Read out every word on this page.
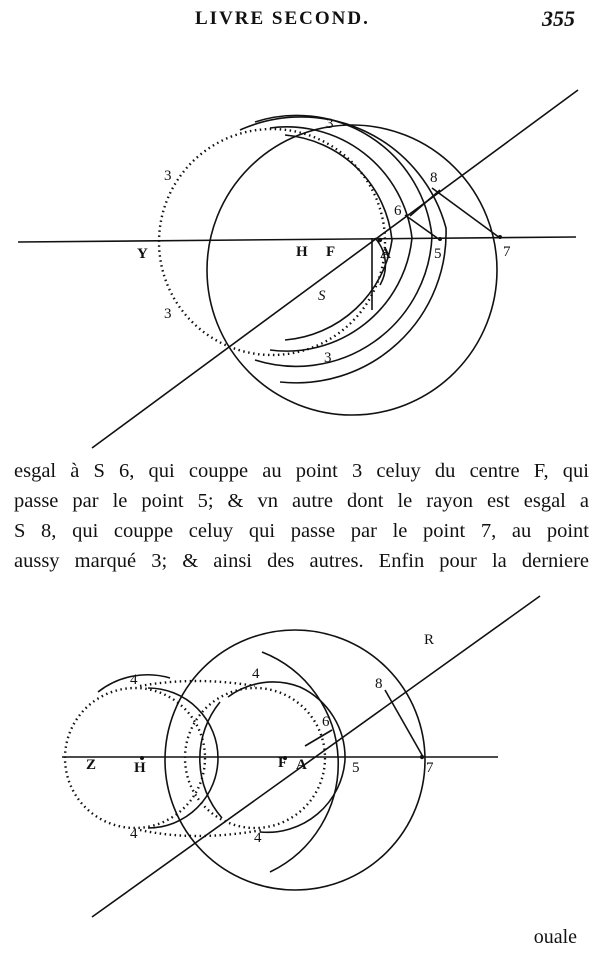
LIVRE SECOND.	355
3
3
3
3
8
6
Y	H F	A	5	7
S
esgal à S 6, qui couppe au point 3 celuy du centre F, qui
passe par le point 5; & vn autre dont le rayon est esgal a
S 8, qui couppe celuy qui passe par le point 7, au point
aussy marqué 3; & ainsi des autres. Enfin pour la derniere
R
8
6
4	4
4	4
Z	H	F A	5	7
ouale
